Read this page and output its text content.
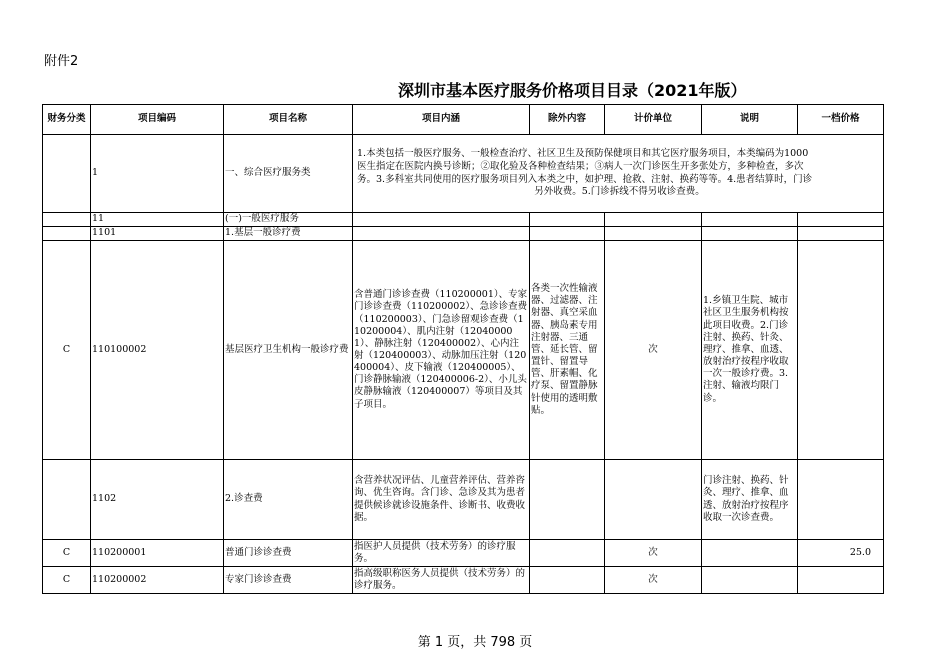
附件2
深圳市基本医疗服务价格项目目录（2021年版）
财务分类	项目编码	项目名称	项目内涵	除外内容	计价单位	说明	一档价格
	1	一、综合医疗服务类	1.本类包括一般医疗服务、一般检查治疗、社区卫生及预防保健项目和其它医疗服务项目，本类编码为1000
医生指定在医院内换号诊断；②取化验及各种检查结果；③病人一次门诊医生开多张处方，多种检查，多次
务。3.多科室共同使用的医疗服务项目列入本类之中，如护理、抢救、注射、换药等等。4.患者结算时，门诊
另外收费。5.门诊拆线不得另收诊查费。				

	11	(一)一般医疗服务					
	1101	1.基层一般诊疗费					
C	110100002	基层医疗卫生机构一般诊疗费	含普通门诊诊查费（110200001）、专家门诊诊查费（110200002）、急诊诊查费（110200003）、门急诊留观诊查费（110200004）、肌内注射（120400001）、静脉注射（120400002）、心内注射（120400003）、动脉加压注射（120400004）、皮下输液（120400005）、门诊静脉输液（120400006-2）、小儿头皮静脉输液（120400007）等项目及其子项目。	各类一次性输液器、过滤器、注射器、真空采血器、胰岛素专用注射器、三通管、延长管、留置针、留置导管、肝素帽、化疗泵、留置静脉针使用的透明敷贴。	次	1.乡镇卫生院、城市社区卫生服务机构按此项目收费。2.门诊注射、换药、针灸、理疗、推拿、血透、放射治疗按程序收取一次一般诊疗费。3.注射、输液均限门诊。	
	1102	2.诊查费	含营养状况评估、儿童营养评估、营养咨询、优生咨询。含门诊、急诊及其为患者提供候诊就诊设施条件、诊断书、收费收据。			门诊注射、换药、针灸、理疗、推拿、血透、放射治疗按程序收取一次诊查费。	
C	110200001	普通门诊诊查费	指医护人员提供（技术劳务）的诊疗服务。		次		25.0
C	110200002	专家门诊诊查费	指高级职称医务人员提供（技术劳务）的诊疗服务。		次		
第 1 页，共 798 页
